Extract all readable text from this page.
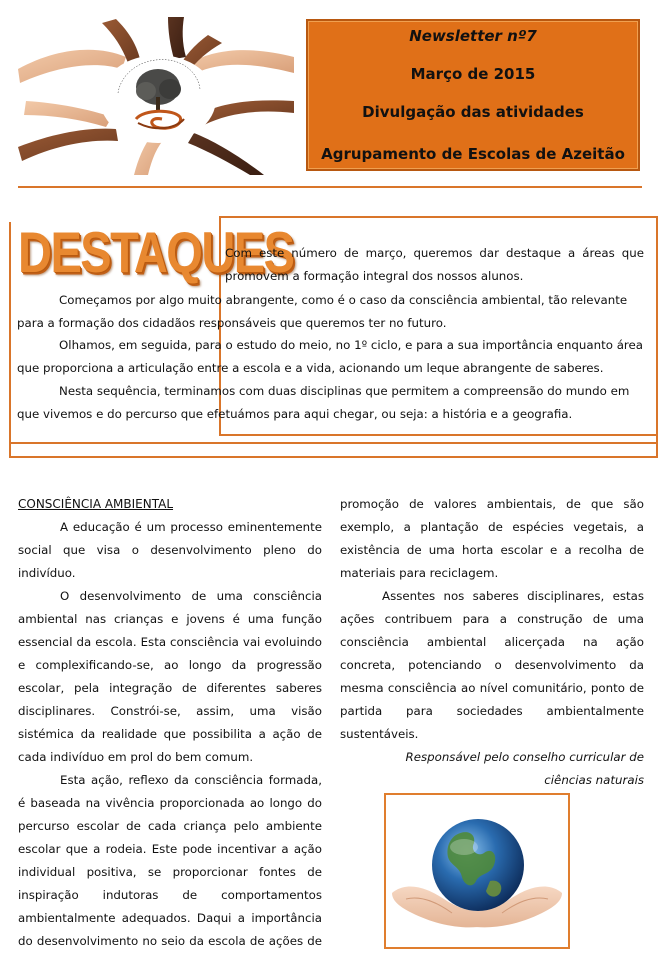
Newsletter nº7
Março de 2015
Divulgação das atividades
Agrupamento de Escolas de Azeitão
DESTAQUES
Com este número de março, queremos dar destaque a áreas que
promovem a formação integral dos nossos alunos.
Começamos por algo muito abrangente, como é o caso da consciência ambiental, tão relevante
para a formação dos cidadãos responsáveis que queremos ter no futuro.
Olhamos, em seguida, para o estudo do meio, no 1º ciclo, e para a sua importância enquanto área
que proporciona a articulação entre a escola e a vida, acionando um leque abrangente de saberes.
Nesta sequência, terminamos com duas disciplinas que permitem a compreensão do mundo em
que vivemos e do percurso que efetuámos para aqui chegar, ou seja: a história e a geografia.
CONSCIÊNCIA AMBIENTAL
A educação é um processo eminentemente
social que visa o desenvolvimento pleno do
indivíduo.
O desenvolvimento de uma consciência
ambiental nas crianças e jovens é uma função
essencial da escola. Esta consciência vai evoluindo
e complexificando-se, ao longo da progressão
escolar, pela integração de diferentes saberes
disciplinares. Constrói-se, assim, uma visão
sistémica da realidade que possibilita a ação de
cada indivíduo em prol do bem comum.
Esta ação, reflexo da consciência formada,
é baseada na vivência proporcionada ao longo do
percurso escolar de cada criança pelo ambiente
escolar que a rodeia. Este pode incentivar a ação
individual positiva, se proporcionar fontes de
inspiração indutoras de comportamentos
ambientalmente adequados. Daqui a importância
do desenvolvimento no seio da escola de ações de
promoção de valores ambientais, de que são
exemplo, a plantação de espécies vegetais, a
existência de uma horta escolar e a recolha de
materiais para reciclagem.
Assentes nos saberes disciplinares, estas
ações contribuem para a construção de uma
consciência ambiental alicerçada na ação
concreta, potenciando o desenvolvimento da
mesma consciência ao nível comunitário, ponto de
partida para sociedades ambientalmente
sustentáveis.
Responsável pelo conselho curricular de
ciências naturais
